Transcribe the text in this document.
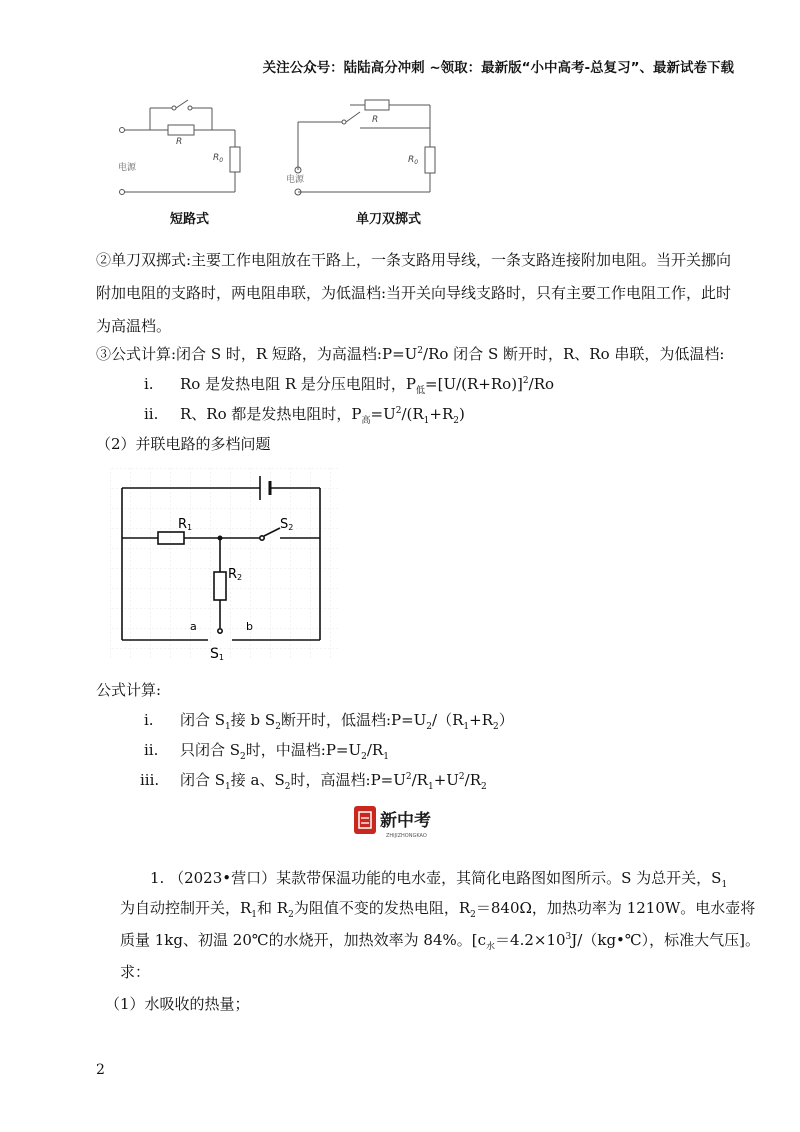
关注公众号：陆陆高分冲刺 ~领取：最新版“小中高考-总复习”、最新试卷下载
R
$R_0$
电源
短路式
R
$R_0$
电源
单刀双掷式
②单刀双掷式:主要工作电阻放在干路上，一条支路用导线，一条支路连接附加电阻。当开关挪向
附加电阻的支路时，两电阻串联，为低温档:当开关向导线支路时，只有主要工作电阻工作，此时
为高温档。
③公式计算:闭合 S 时，R 短路，为高温档$:P=U^2/Ro$ 闭合 S 断开时，R、Ro 串联，为低温档:
i. Ro 是发热电阻 R 是分压电阻时，$P_低=[U/(R+Ro)]^2/Ro$
ii. R、Ro 都是发热电阻时，$P_高=U^2/(R_1+R_2)$
（2）并联电路的多档问题
R1	S2
R2
a	b
S1
公式计算:
i. 闭合 $S_1$接 b $S_2$断开时，低温档$:P=U_2/(R_1+R_2)$
ii. 只闭合 $S_2$时，中温档$:P=U_2/R_1$
iii. 闭合 $S_1$接 a、$S_2$时，高温档$:P=U^2/R_1+U^2/R_2$
新中考
ZHIJIZHONGKAO
1. （2023•营口）某款带保温功能的电水壶，其简化电路图如图所示。S 为总开关，$S_1$
为自动控制开关，$R_1$和 $R_2$为阻值不变的发热电阻，$R_2=840\Omega$，加热功率为 1210W。电水壶将
质量 1kg、初温 20℃的水烧开，加热效率为 84%。[$c_水=4.2\times 10^3J/(kg•℃)$，标准大气压]。
求：
（1）水吸收的热量；
2
